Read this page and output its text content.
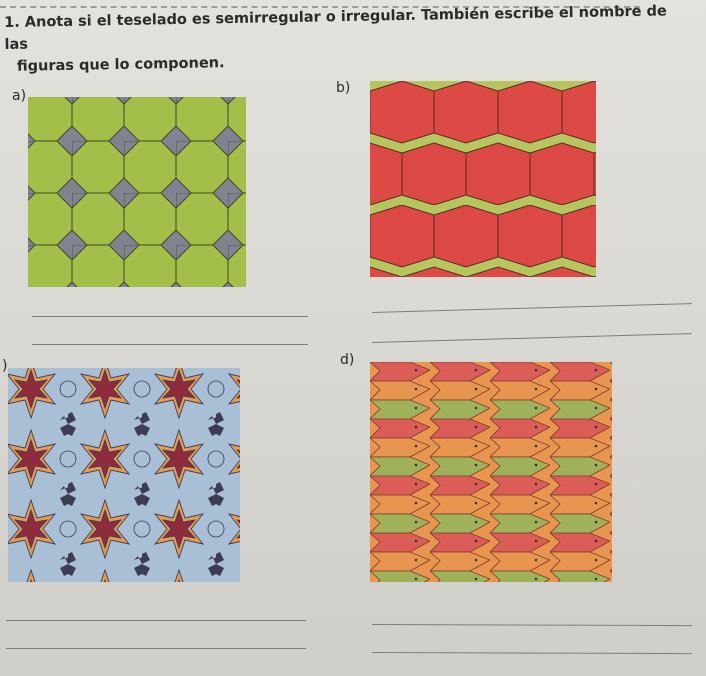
1. Anota si el teselado es semirregular o irregular. También escribe el nombre de las
figuras que lo componen.
a)	b)
)	d)
